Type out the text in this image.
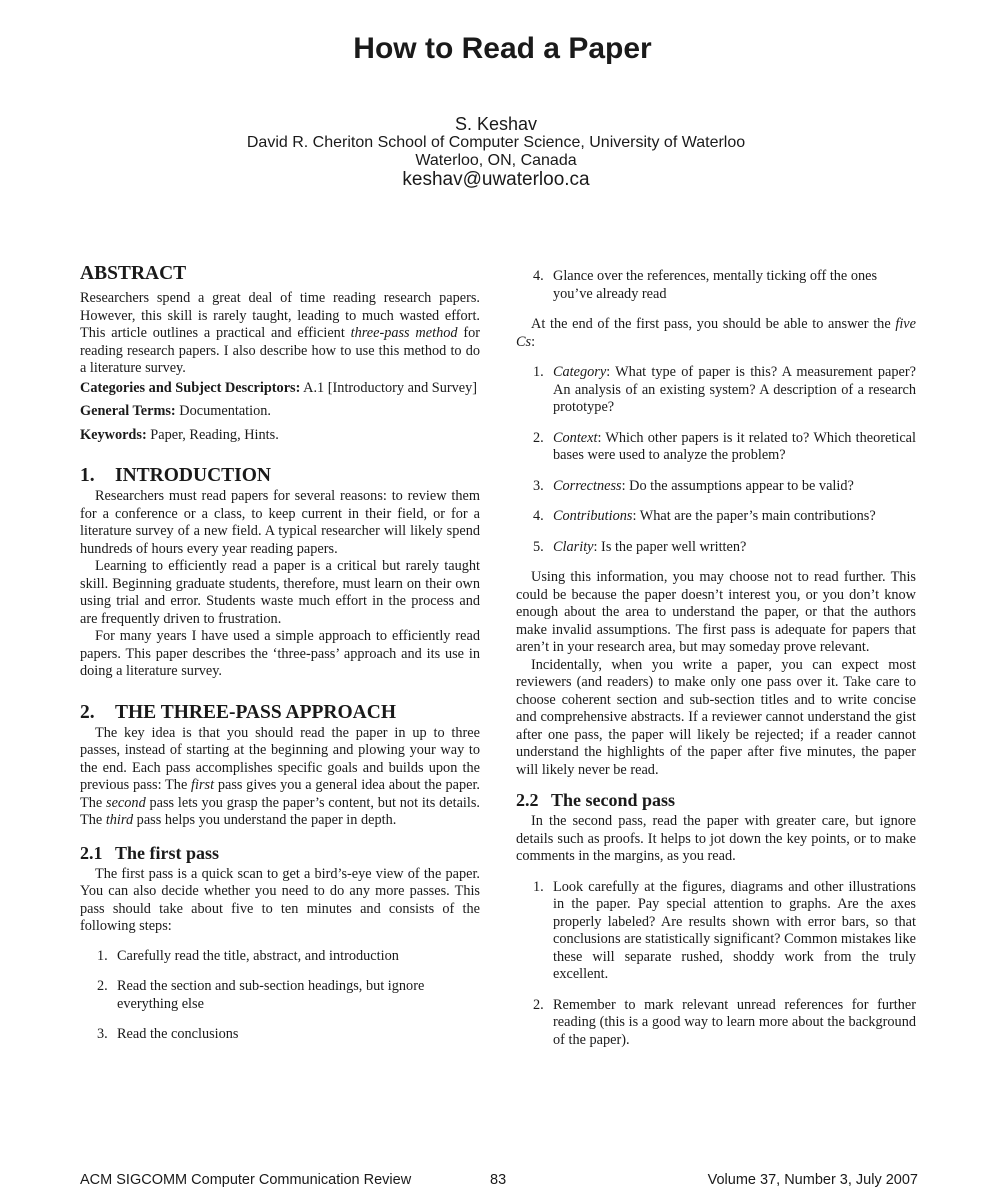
How to Read a Paper
S. Keshav
David R. Cheriton School of Computer Science, University of Waterloo
Waterloo, ON, Canada
keshav@uwaterloo.ca
ABSTRACT

Researchers spend a great deal of time reading research papers. However, this skill is rarely taught, leading to much wasted effort. This article outlines a practical and efficient three-pass method for reading research papers. I also describe how to use this method to do a literature survey.

Categories and Subject Descriptors: A.1 [Introductory and Survey]

General Terms: Documentation.

Keywords: Paper, Reading, Hints.

1. INTRODUCTION

Researchers must read papers for several reasons: to review them for a conference or a class, to keep current in their field, or for a literature survey of a new field. A typical researcher will likely spend hundreds of hours every year reading papers.

Learning to efficiently read a paper is a critical but rarely taught skill. Beginning graduate students, therefore, must learn on their own using trial and error. Students waste much effort in the process and are frequently driven to frustration.

For many years I have used a simple approach to efficiently read papers. This paper describes the ‘three-pass’ approach and its use in doing a literature survey.

2. THE THREE-PASS APPROACH

The key idea is that you should read the paper in up to three passes, instead of starting at the beginning and plowing your way to the end. Each pass accomplishes specific goals and builds upon the previous pass: The first pass gives you a general idea about the paper. The second pass lets you grasp the paper’s content, but not its details. The third pass helps you understand the paper in depth.

2.1 The first pass

The first pass is a quick scan to get a bird’s-eye view of the paper. You can also decide whether you need to do any more passes. This pass should take about five to ten minutes and consists of the following steps:

1. Carefully read the title, abstract, and introduction
2. Read the section and sub-section headings, but ignore everything else
3. Read the conclusions
4. Glance over the references, mentally ticking off the ones you’ve already read

At the end of the first pass, you should be able to answer the five Cs:

1. Category: What type of paper is this? A measurement paper? An analysis of an existing system? A description of a research prototype?
2. Context: Which other papers is it related to? Which theoretical bases were used to analyze the problem?
3. Correctness: Do the assumptions appear to be valid?
4. Contributions: What are the paper’s main contributions?
5. Clarity: Is the paper well written?

Using this information, you may choose not to read further. This could be because the paper doesn’t interest you, or you don’t know enough about the area to understand the paper, or that the authors make invalid assumptions. The first pass is adequate for papers that aren’t in your research area, but may someday prove relevant.

Incidentally, when you write a paper, you can expect most reviewers (and readers) to make only one pass over it. Take care to choose coherent section and sub-section titles and to write concise and comprehensive abstracts. If a reviewer cannot understand the gist after one pass, the paper will likely be rejected; if a reader cannot understand the highlights of the paper after five minutes, the paper will likely never be read.

2.2 The second pass

In the second pass, read the paper with greater care, but ignore details such as proofs. It helps to jot down the key points, or to make comments in the margins, as you read.

1. Look carefully at the figures, diagrams and other illustrations in the paper. Pay special attention to graphs. Are the axes properly labeled? Are results shown with error bars, so that conclusions are statistically significant? Common mistakes like these will separate rushed, shoddy work from the truly excellent.
2. Remember to mark relevant unread references for further reading (this is a good way to learn more about the background of the paper).
ACM SIGCOMM Computer Communication Review	83	Volume 37, Number 3, July 2007
